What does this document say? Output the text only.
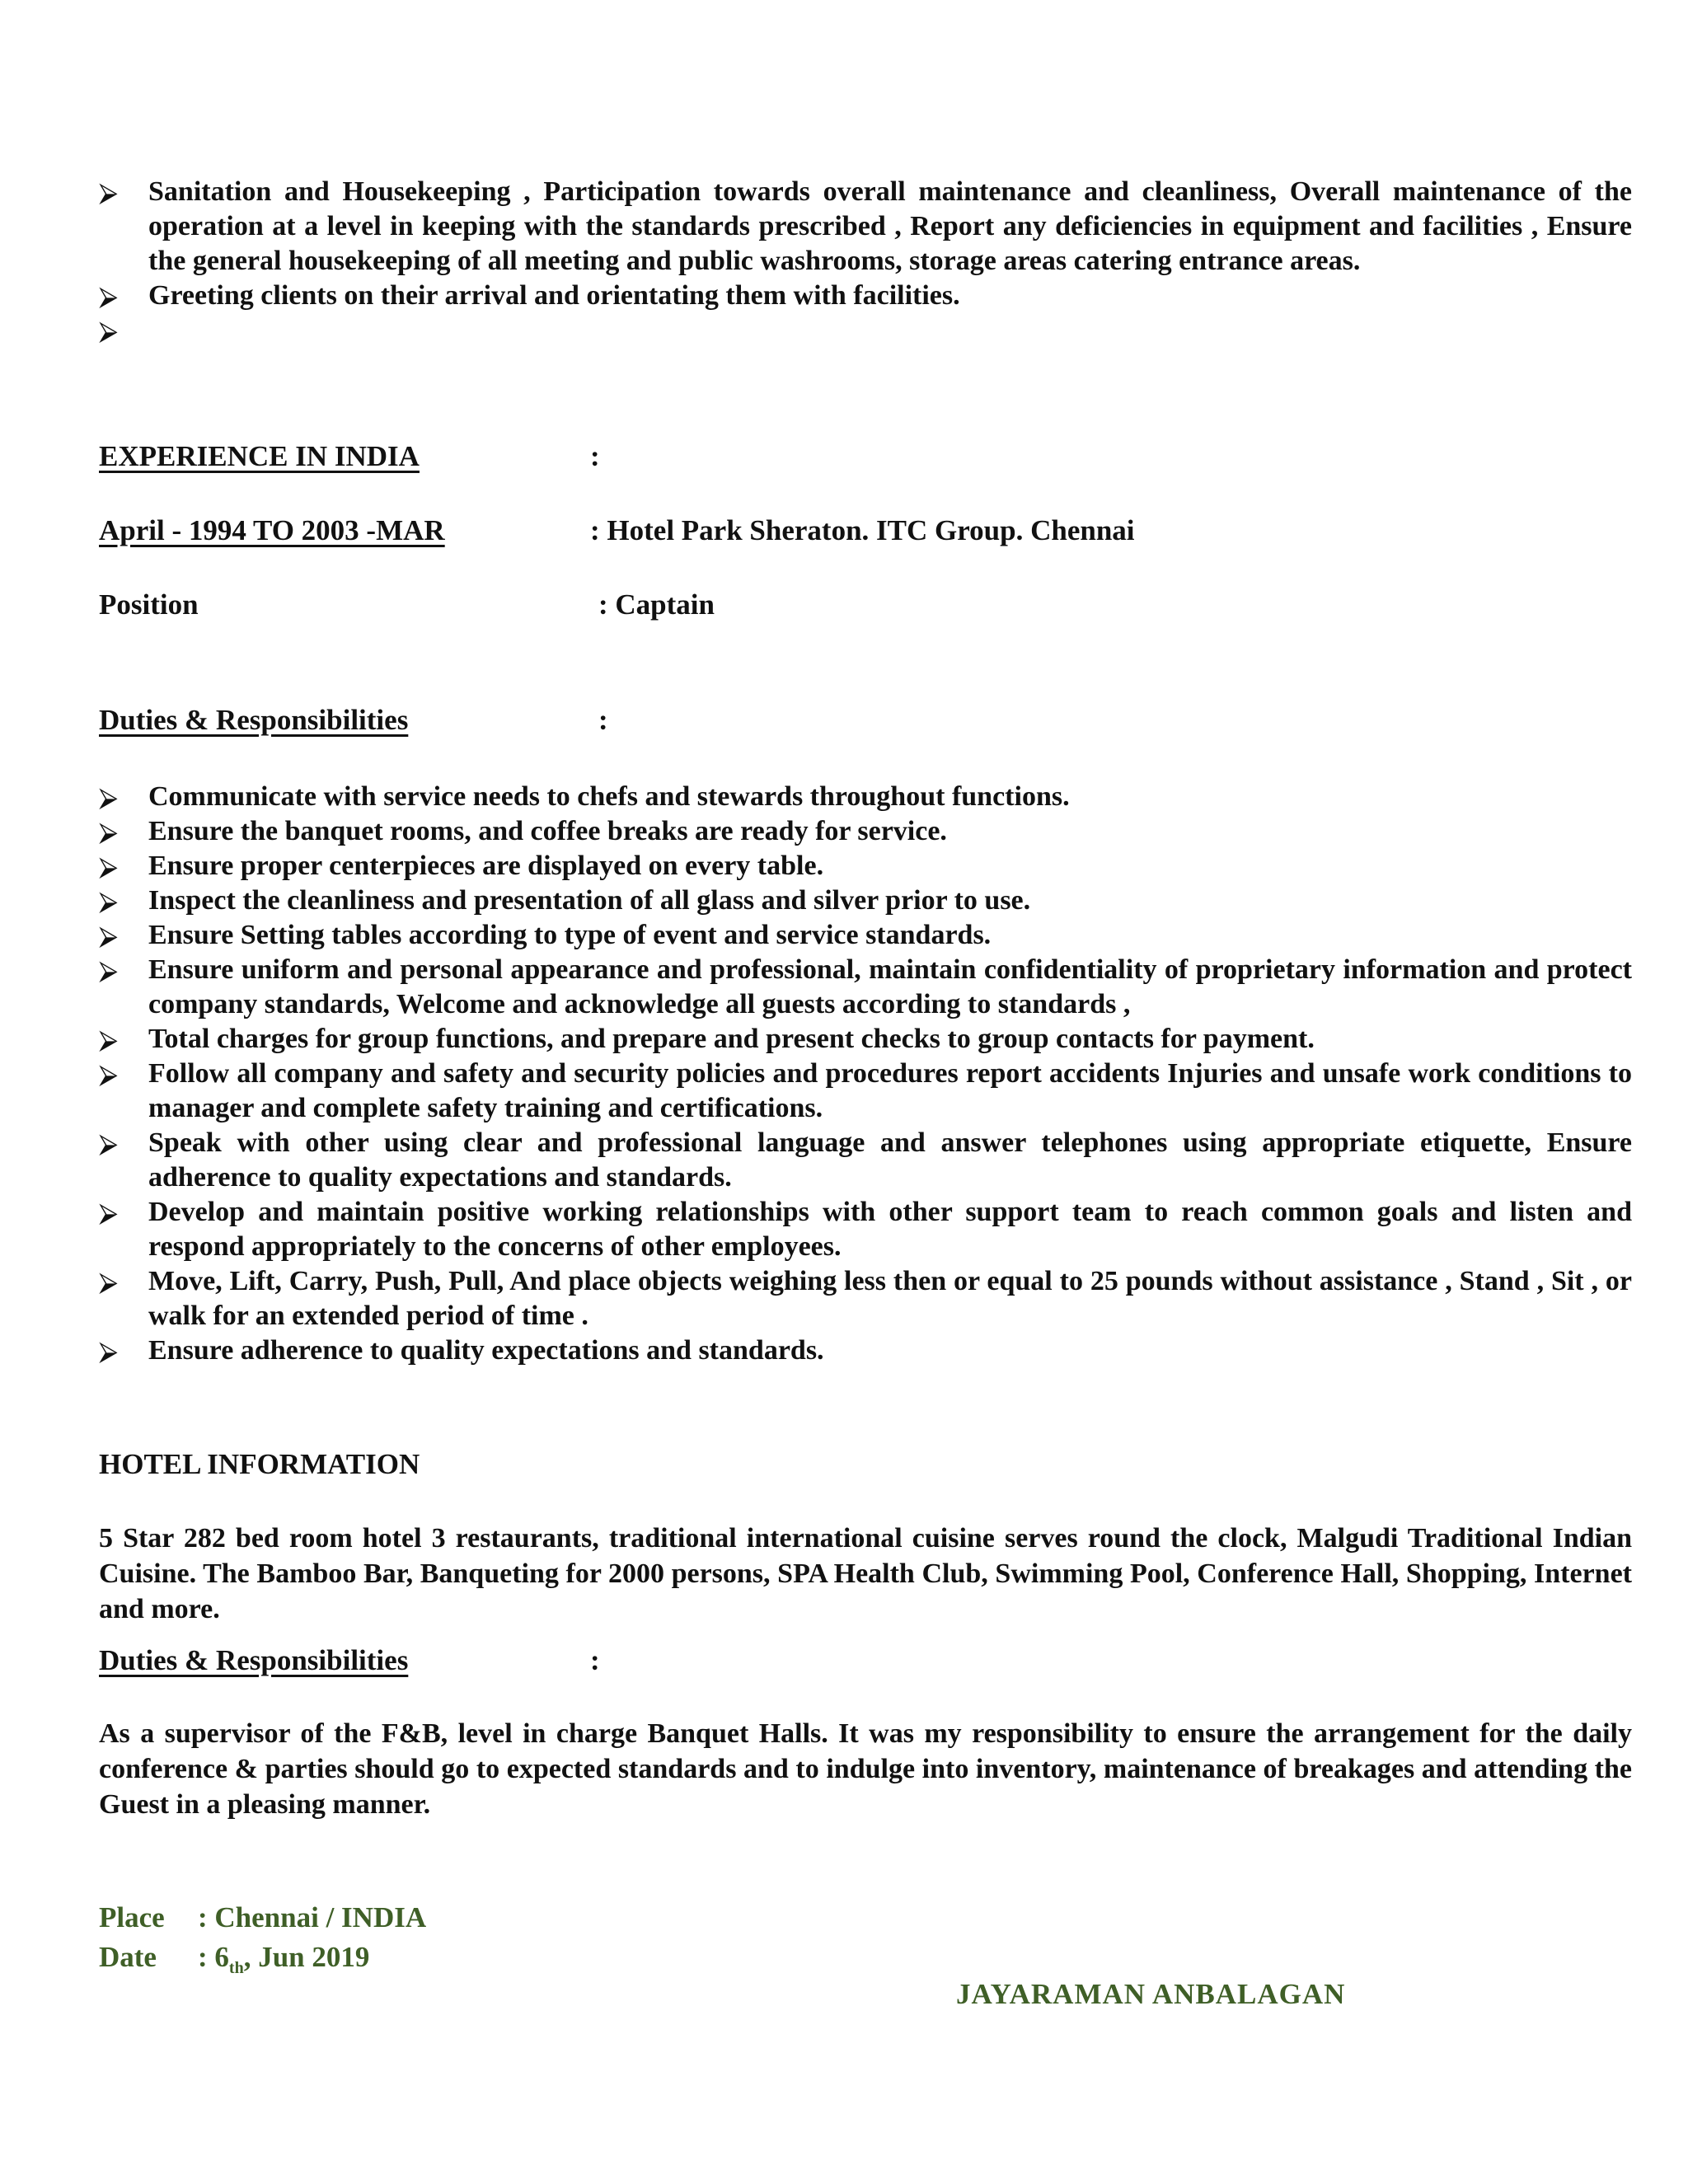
⮚	Sanitation and Housekeeping , Participation towards overall maintenance and cleanliness, Overall maintenance of the operation at a level in keeping with the standards prescribed , Report any deficiencies in equipment and facilities , Ensure the general housekeeping of all meeting and public washrooms, storage areas catering entrance areas.
⮚	Greeting clients on their arrival and orientating them with facilities.
⮚

EXPERIENCE IN INDIA	:
April - 1994 TO 2003 -MAR	: Hotel Park Sheraton. ITC Group. Chennai
Position	: Captain
Duties & Responsibilities	:
⮚	Communicate with service needs to chefs and stewards throughout functions.
⮚	Ensure the banquet rooms, and coffee breaks are ready for service.
⮚	Ensure proper centerpieces are displayed on every table.
⮚	Inspect the cleanliness and presentation of all glass and silver prior to use.
⮚	Ensure Setting tables according to type of event and service standards.
⮚	Ensure uniform and personal appearance and professional, maintain confidentiality of proprietary information and protect company standards, Welcome and acknowledge all guests according to standards ,
⮚	Total charges for group functions, and prepare and present checks to group contacts for payment.
⮚	Follow all company and safety and security policies and procedures report accidents Injuries and unsafe work conditions to manager and complete safety training and certifications.
⮚	Speak with other using clear and professional language and answer telephones using appropriate etiquette, Ensure adherence to quality expectations and standards.
⮚	Develop and maintain positive working relationships with other support team to reach common goals and listen and respond appropriately to the concerns of other employees.
⮚	Move, Lift, Carry, Push, Pull, And place objects weighing less then or equal to 25 pounds without assistance , Stand , Sit , or walk for an extended period of time .
⮚	Ensure adherence to quality expectations and standards.
HOTEL INFORMATION
5 Star 282 bed room hotel 3 restaurants, traditional international cuisine serves round the clock, Malgudi Traditional Indian Cuisine. The Bamboo Bar, Banqueting for 2000 persons, SPA Health Club, Swimming Pool, Conference Hall, Shopping, Internet and more.
Duties & Responsibilities	:
As a supervisor of the F&B, level in charge Banquet Halls. It was my responsibility to ensure the arrangement for the daily conference & parties should go to expected standards and to indulge into inventory, maintenance of breakages and attending the Guest in a pleasing manner.
Place : Chennai / INDIA
Date : $6_{th}$, Jun 2019
JAYARAMAN ANBALAGAN
